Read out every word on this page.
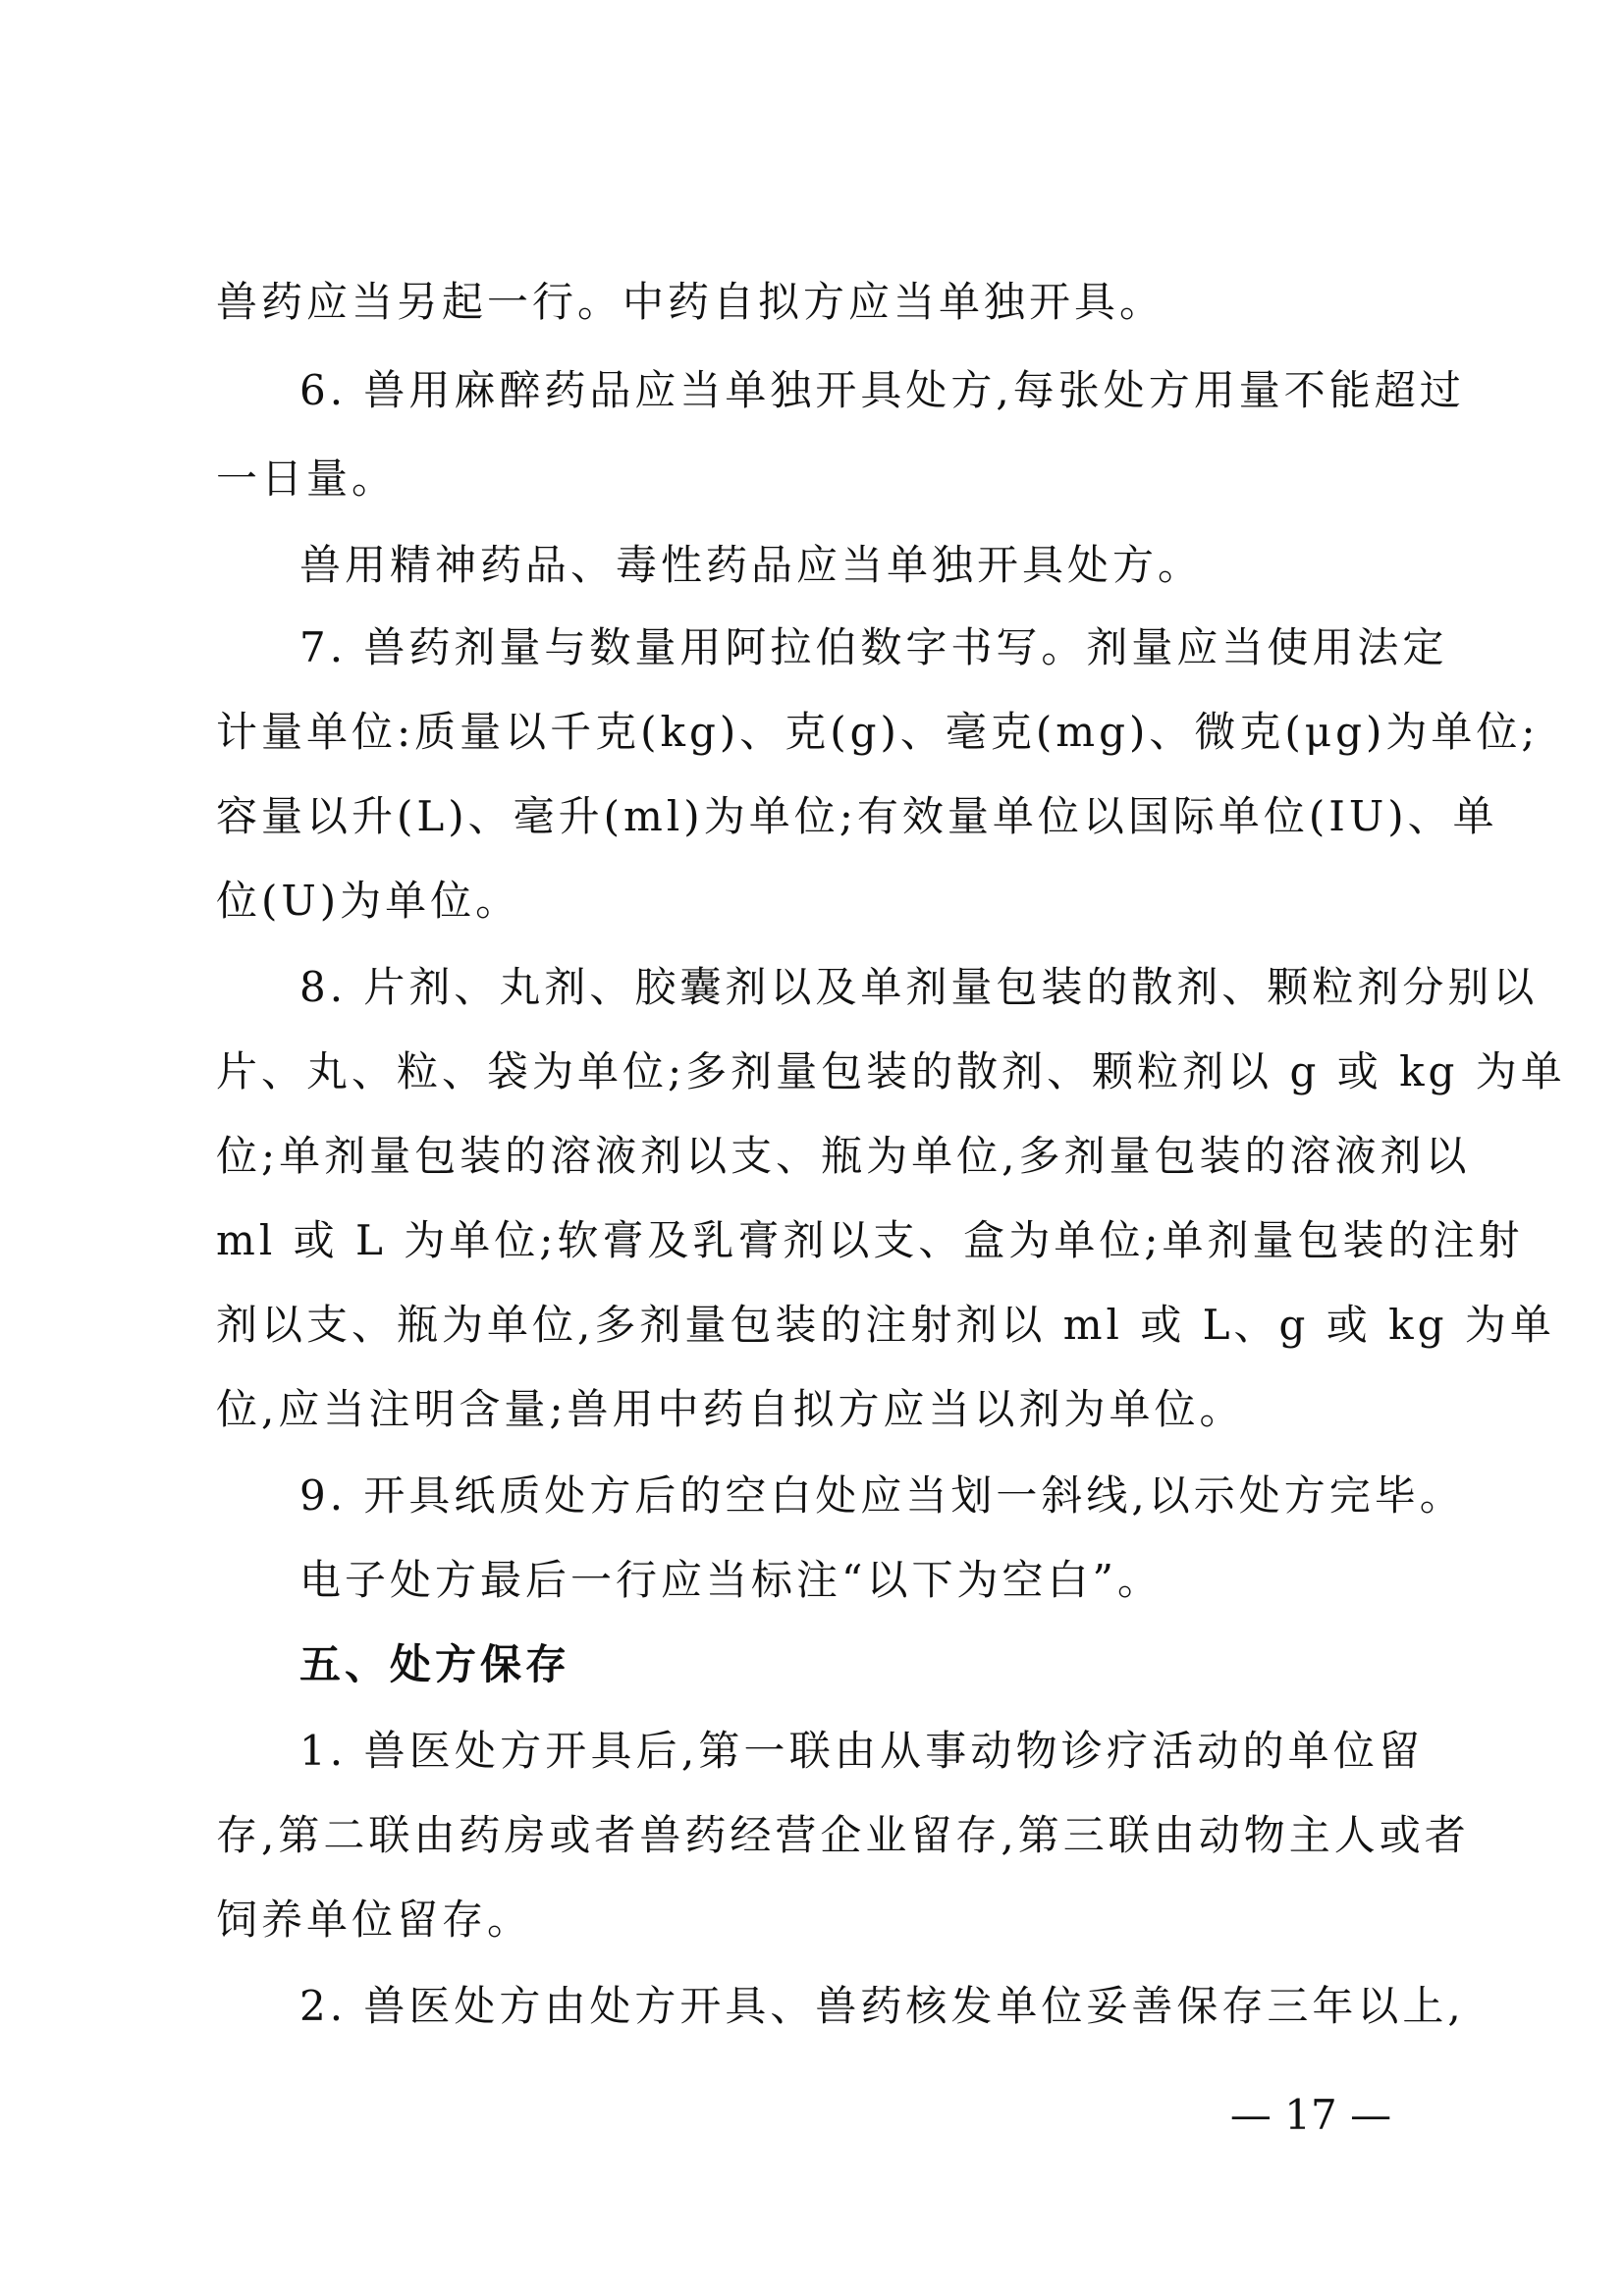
兽药应当另起一行。中药自拟方应当单独开具。
6. 兽用麻醉药品应当单独开具处方,每张处方用量不能超过
一日量。
兽用精神药品、毒性药品应当单独开具处方。
7. 兽药剂量与数量用阿拉伯数字书写。剂量应当使用法定
计量单位:质量以千克(kg)、克(g)、毫克(mg)、微克(μg)为单位;
容量以升(L)、毫升(ml)为单位;有效量单位以国际单位(IU)、单
位(U)为单位。
8. 片剂、丸剂、胶囊剂以及单剂量包装的散剂、颗粒剂分别以
片、丸、粒、袋为单位;多剂量包装的散剂、颗粒剂以 g 或 kg 为单
位;单剂量包装的溶液剂以支、瓶为单位,多剂量包装的溶液剂以
ml 或 L 为单位;软膏及乳膏剂以支、盒为单位;单剂量包装的注射
剂以支、瓶为单位,多剂量包装的注射剂以 ml 或 L、g 或 kg 为单
位,应当注明含量;兽用中药自拟方应当以剂为单位。
9. 开具纸质处方后的空白处应当划一斜线,以示处方完毕。
电子处方最后一行应当标注“以下为空白”。
五、处方保存
1. 兽医处方开具后,第一联由从事动物诊疗活动的单位留
存,第二联由药房或者兽药经营企业留存,第三联由动物主人或者
饲养单位留存。
2. 兽医处方由处方开具、兽药核发单位妥善保存三年以上,
— 17 —
